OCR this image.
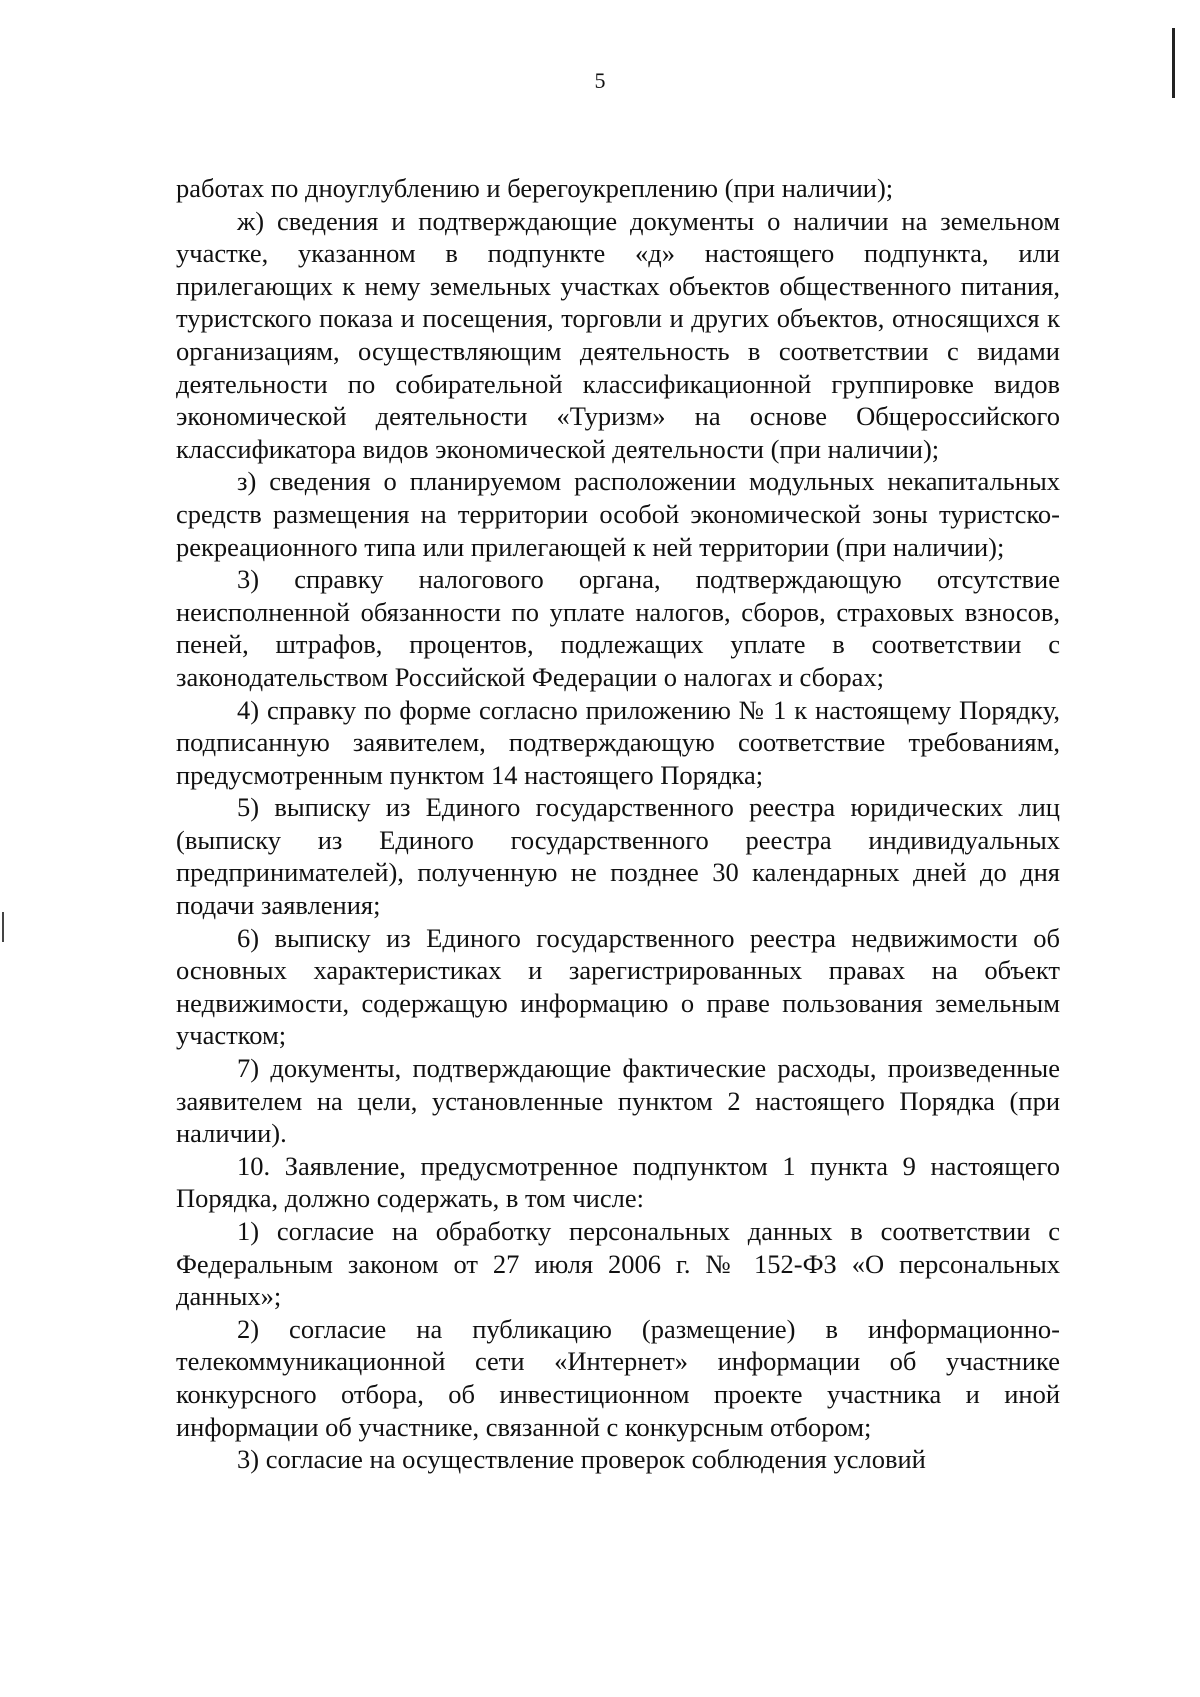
5

работах по дноуглублению и берегоукреплению (при наличии);

ж) сведения и подтверждающие документы о наличии на земельном участке, указанном в подпункте «д» настоящего подпункта, или прилегающих к нему земельных участках объектов общественного питания, туристского показа и посещения, торговли и других объектов, относящихся к организациям, осуществляющим деятельность в соответствии с видами деятельности по собирательной классификационной группировке видов экономической деятельности «Туризм» на основе Общероссийского классификатора видов экономической деятельности (при наличии);

з) сведения о планируемом расположении модульных некапитальных средств размещения на территории особой экономической зоны туристско-рекреационного типа или прилегающей к ней территории (при наличии);

3) справку налогового органа, подтверждающую отсутствие неисполненной обязанности по уплате налогов, сборов, страховых взносов, пеней, штрафов, процентов, подлежащих уплате в соответствии с законодательством Российской Федерации о налогах и сборах;

4) справку по форме согласно приложению № 1 к настоящему Порядку, подписанную заявителем, подтверждающую соответствие требованиям, предусмотренным пунктом 14 настоящего Порядка;

5) выписку из Единого государственного реестра юридических лиц (выписку из Единого государственного реестра индивидуальных предпринимателей), полученную не позднее 30 календарных дней до дня подачи заявления;

6) выписку из Единого государственного реестра недвижимости об основных характеристиках и зарегистрированных правах на объект недвижимости, содержащую информацию о праве пользования земельным участком;

7) документы, подтверждающие фактические расходы, произведенные заявителем на цели, установленные пунктом 2 настоящего Порядка (при наличии).

10. Заявление, предусмотренное подпунктом 1 пункта 9 настоящего Порядка, должно содержать, в том числе:

1) согласие на обработку персональных данных в соответствии с Федеральным законом от 27 июля 2006 г. № 152-ФЗ «О персональных данных»;

2) согласие на публикацию (размещение) в информационно-телекоммуникационной сети «Интернет» информации об участнике конкурсного отбора, об инвестиционном проекте участника и иной информации об участнике, связанной с конкурсным отбором;

3) согласие на осуществление проверок соблюдения условий
